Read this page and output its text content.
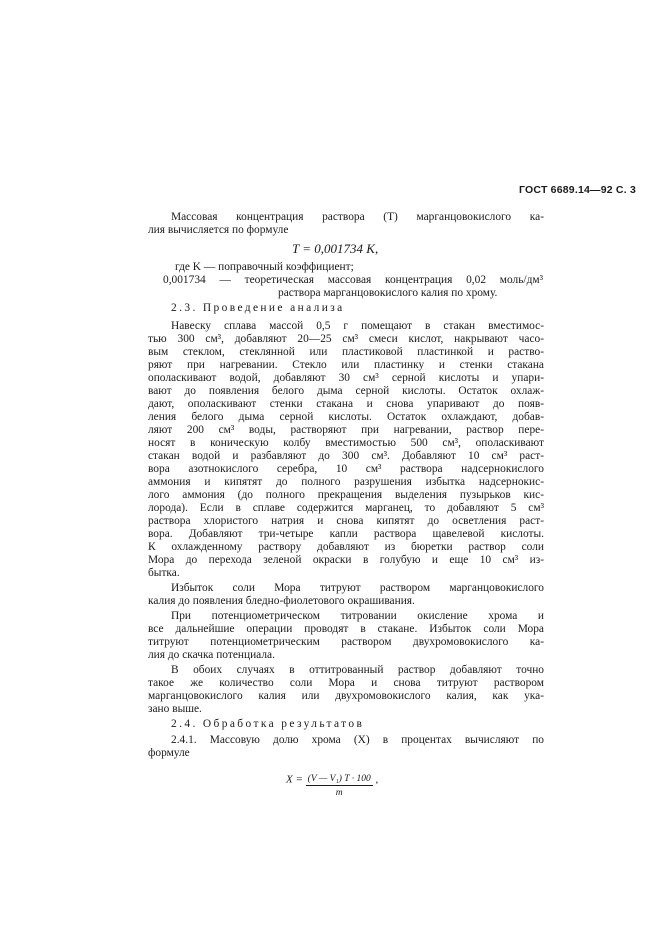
ГОСТ 6689.14—92 С. 3
Массовая концентрация раствора (Т) марганцовокислого ка-
лия вычисляется по формуле
T = 0,001734 K,
где K — поправочный коэффициент;
0,001734 — теоретическая массовая концентрация 0,02 моль/дм³
раствора марганцовокислого калия по хрому.
2.3. Проведение анализа
Навеску сплава массой 0,5 г помещают в стакан вместимос-
тью 300 см³, добавляют 20—25 см³ смеси кислот, накрывают часо-
вым стеклом, стеклянной или пластиковой пластинкой и раство-
ряют при нагревании. Стекло или пластинку и стенки стакана
ополаскивают водой, добавляют 30 см³ серной кислоты и упари-
вают до появления белого дыма серной кислоты. Остаток охлаж-
дают, ополаскивают стенки стакана и снова упаривают до появ-
ления белого дыма серной кислоты. Остаток охлаждают, добав-
ляют 200 см³ воды, растворяют при нагревании, раствор пере-
носят в коническую колбу вместимостью 500 см³, ополаскивают
стакан водой и разбавляют до 300 см³. Добавляют 10 см³ раст-
вора азотнокислого серебра, 10 см³ раствора надсернокислого
аммония и кипятят до полного разрушения избытка надсернокис-
лого аммония (до полного прекращения выделения пузырьков кис-
лорода). Если в сплаве содержится марганец, то добавляют 5 см³
раствора хлористого натрия и снова кипятят до осветления раст-
вора. Добавляют три-четыре капли раствора щавелевой кислоты.
К охлажденному раствору добавляют из бюретки раствор соли
Мора до перехода зеленой окраски в голубую и еще 10 см³ из-
бытка.
Избыток соли Мора титруют раствором марганцовокислого
калия до появления бледно-фиолетового окрашивания.
При потенциометрическом титровании окисление хрома и
все дальнейшие операции проводят в стакане. Избыток соли Мора
титруют потенциометрическим раствором двухромовокислого ка-
лия до скачка потенциала.
В обоих случаях в оттитрованный раствор добавляют точно
такое же количество соли Мора и снова титруют раствором
марганцовокислого калия или двухромовокислого калия, как ука-
зано выше.
2.4. Обработка результатов
$X = \frac{\text{(V — V₁) T · 100}}{m}$ ,
2.4.1. Массовую долю хрома (X) в процентах вычисляют по
формуле
